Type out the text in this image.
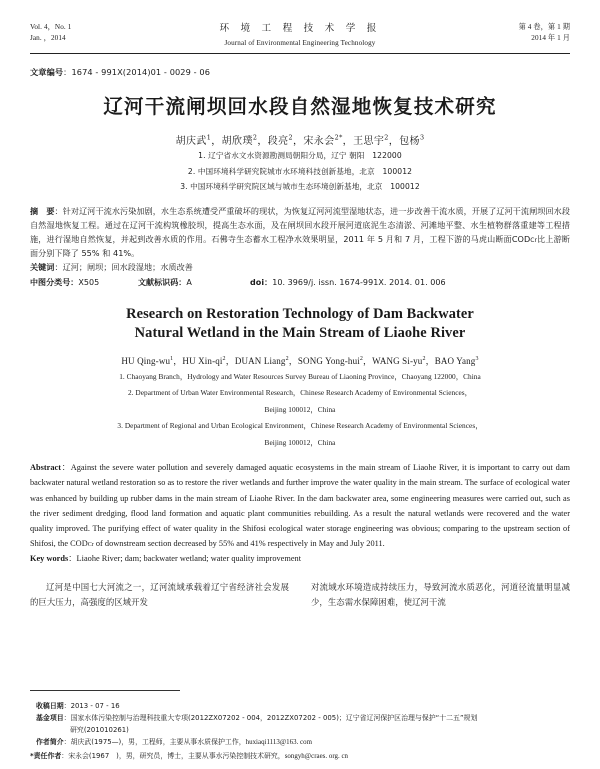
Vol. 4，No. 1
Jan. ，2014
环 境 工 程 技 术 学 报
Journal of Environmental Engineering Technology
第 4 卷，第 1 期
2014 年 1 月
文章编号：1674 - 991X(2014)01 - 0029 - 06
辽河干流闸坝回水段自然湿地恢复技术研究
胡庆武$^1$，胡欣璞$^2$，段亮$^2$，宋永会$^{2*}$，王思宇$^2$，包杨$^3$
1. 辽宁省水文水资源勘测局朝阳分局，辽宁 朝阳　122000
2. 中国环境科学研究院城市水环境科技创新基地，北京　100012
3. 中国环境科学研究院区域与城市生态环境创新基地，北京　100012
摘　要：针对辽河干流水污染加剧，水生态系统遭受严重破坏的现状，为恢复辽河河流型湿地状态，进一步改善干流水质，开展了辽河干流闸坝回水段自然湿地恢复工程。通过在辽河干流构筑橡胶坝，提高生态水面，及在闸坝回水段开展河道底泥生态清淤、河滩地平整、水生植物群落重建等工程措施，进行湿地自然恢复，并起到改善水质的作用。石佛寺生态蓄水工程净水效果明显，2011 年 5 月和 7 月，工程下游的马虎山断面CODCr比上游断面分别下降了 55% 和 41%。
关键词：辽河；闸坝；回水段湿地；水质改善
中图分类号：X505	文献标识码：A	doi：10. 3969/j. issn. 1674-991X. 2014. 01. 006
Research on Restoration Technology of Dam Backwater
Natural Wetland in the Main Stream of Liaohe River
HU Qing-$wu^1$，HU Xin-$qi^2$，DUAN Liang$^2$，SONG Yong-hui$^2$，WANG $Si-yu^2$，BAO Yang$^3$
1. Chaoyang Branch，Hydrology and Water Resources Survey Bureau of Liaoning Province，Chaoyang 122000，China
2. Department of Urban Water Environmental Research，Chinese Research Academy of Environmental Sciences，
Beijing 100012，China
3. Department of Regional and Urban Ecological Environment，Chinese Research Academy of Environmental Sciences，
Beijing 100012，China
Abstract：Against the severe water pollution and severely damaged aquatic ecosystems in the main stream of Liaohe River, it is important to carry out dam backwater natural wetland restoration so as to restore the river wetlands and further improve the water quality in the main stream. The surface of ecological water was enhanced by building up rubber dams in the main stream of Liaohe River. In the dam backwater area, some engineering measures were carried out, such as the river sediment dredging, flood land formation and aquatic plant communities rebuilding. As a result the natural wetlands were recovered and the water quality improved. The purifying effect of water quality in the Shifosi ecological water storage engineering was obvious; comparing to the upstream section of Shifosi, the CODCr of downstream section decreased by 55% and 41% respectively in May and July 2011.
Key words：Liaohe River; dam; backwater wetland; water quality improvement

辽河是中国七大河流之一，辽河流域承载着辽宁省经济社会发展的巨大压力，高强度的区域开发

对流域水环境造成持续压力，导致河流水质恶化，河道径流量明显减少，生态需水保障困难，使辽河干流

收稿日期：2013 - 07 - 16
基金项目：国家水体污染控制与治理科技重大专项(2012ZX07202 - 004，2012ZX07202 - 005)；辽宁省辽河保护区治理与保护“十二五”规划
研究(201010261)
作者简介：胡庆武(1975—)，男，工程师，主要从事水质保护工作，huxiaqi1113@163. com
*责任作者：宋永会(1967　)，男，研究员，博士，主要从事水污染控制技术研究，songyh@craes. org. cn
